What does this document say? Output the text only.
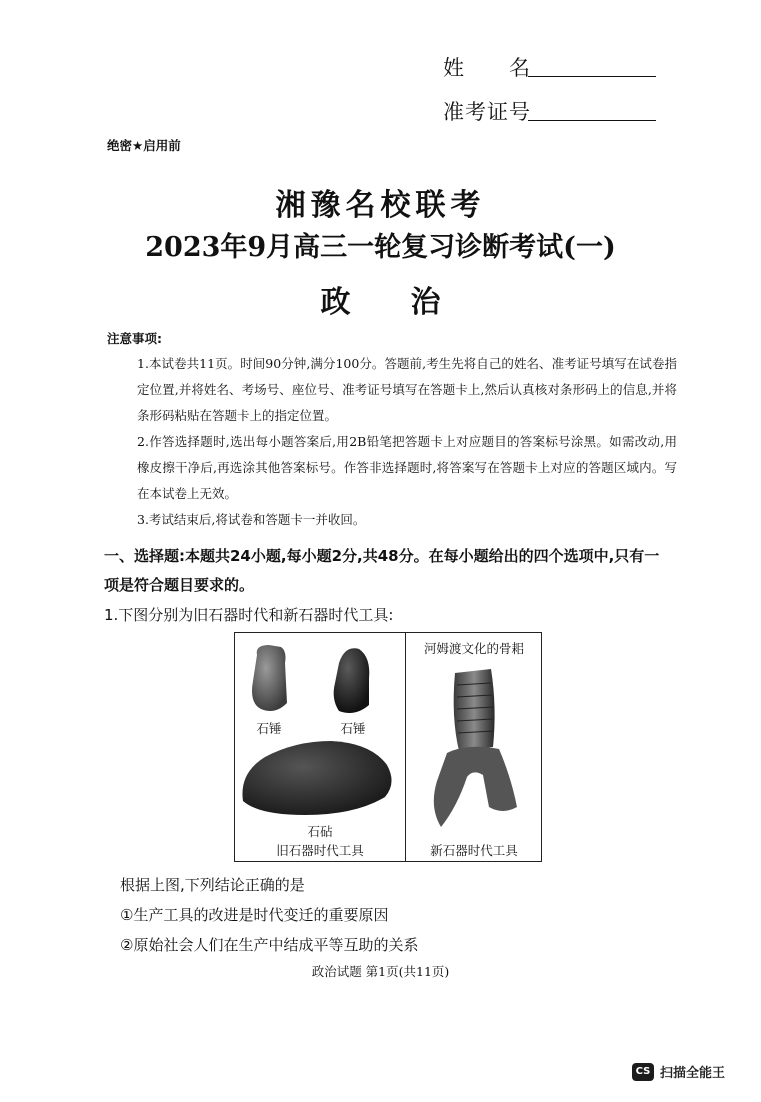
姓　　名
准考证号
绝密★启用前
湘豫名校联考
2023年9月高三一轮复习诊断考试(一)
政　　治
注意事项:
1.本试卷共11页。时间90分钟,满分100分。答题前,考生先将自己的姓名、准考证号填写在试卷指定位置,并将姓名、考场号、座位号、准考证号填写在答题卡上,然后认真核对条形码上的信息,并将条形码粘贴在答题卡上的指定位置。
2.作答选择题时,选出每小题答案后,用2B铅笔把答题卡上对应题目的答案标号涂黑。如需改动,用橡皮擦干净后,再选涂其他答案标号。作答非选择题时,将答案写在答题卡上对应的答题区域内。写在本试卷上无效。
3.考试结束后,将试卷和答题卡一并收回。
一、选择题:本题共24小题,每小题2分,共48分。在每小题给出的四个选项中,只有一项是符合题目要求的。
1.下图分别为旧石器时代和新石器时代工具:
石锤	石锤
石砧
旧石器时代工具
河姆渡文化的骨耜
新石器时代工具
根据上图,下列结论正确的是
①生产工具的改进是时代变迁的重要原因
②原始社会人们在生产中结成平等互助的关系
政治试题 第1页(共11页)
CS 扫描全能王
